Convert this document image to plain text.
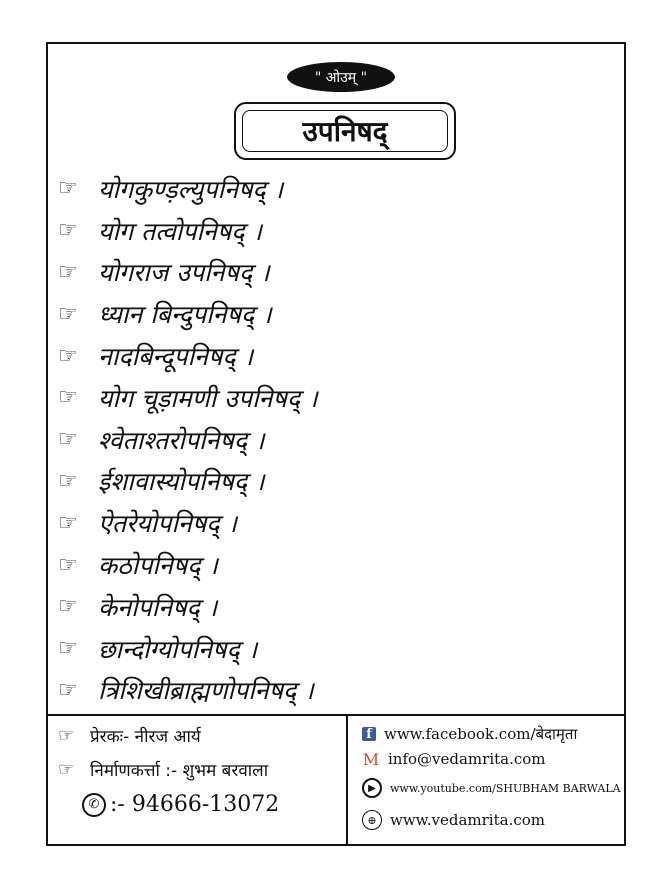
" ओउम् "
उपनिषद्
☞ योगकुण्ड़ल्युपनिषद् ।
☞ योग तत्वोपनिषद् ।
☞ योगराज उपनिषद् ।
☞ ध्यान बिन्दुपनिषद् ।
☞ नादबिन्दूपनिषद् ।
☞ योग चूड़ामणी उपनिषद् ।
☞ श्वेताश्तरोपनिषद् ।
☞ ईशावास्योपनिषद् ।
☞ ऐतरेयोपनिषद् ।
☞ कठोपनिषद् ।
☞ केनोपनिषद् ।
☞ छान्दोग्योपनिषद् ।
☞ त्रिशिखीब्राह्मणोपनिषद् ।
☞ प्रेरकः- नीरज आर्य
☞ निर्माणकर्त्ता :- शुभम बरवाला
✆ :- 94666-13072
f www.facebook.com/बेदामृता
M info@vedamrita.com
▶	www.youtube.com/SHUBHAM BARWALA
⊕ www.vedamrita.com
